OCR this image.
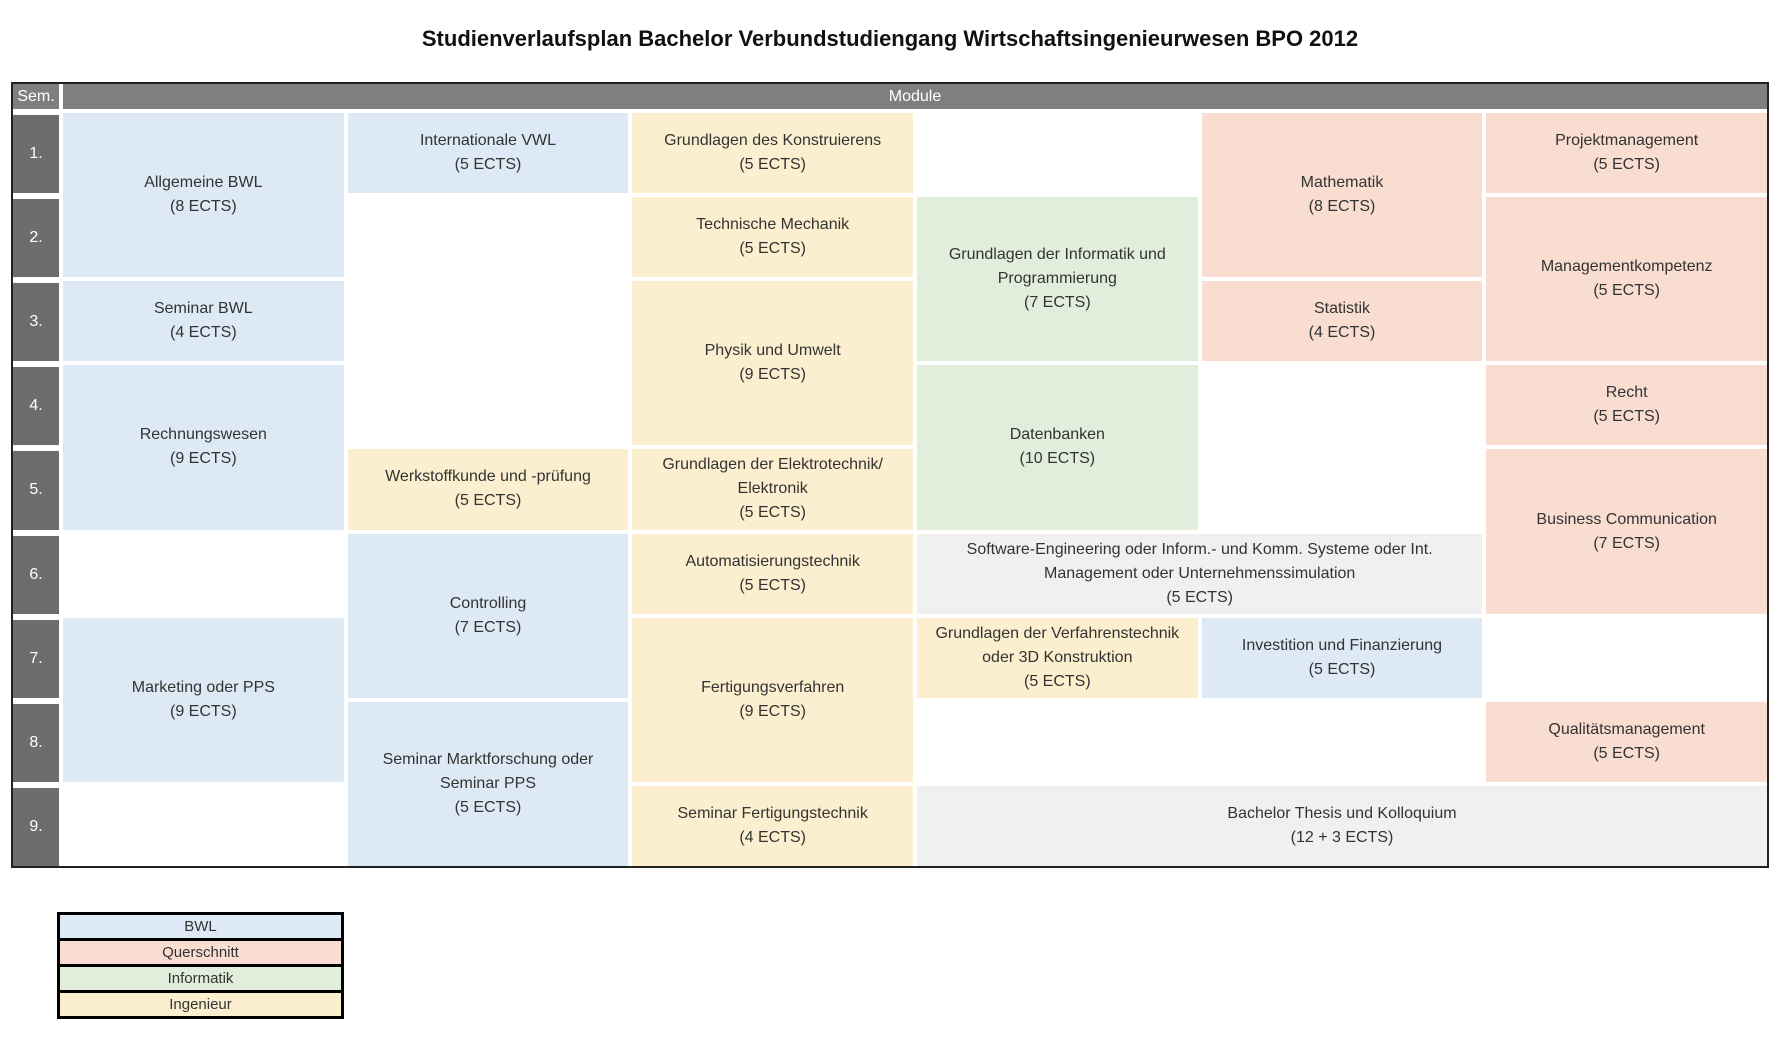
Studienverlaufsplan Bachelor Verbundstudiengang Wirtschaftsingenieurwesen BPO 2012
Sem.	Module
1.
2.
3.
4.
5.
6.
7.
8.
9.
Allgemeine BWL
(8 ECTS)
Seminar BWL
(4 ECTS)
Rechnungswesen
(9 ECTS)
Marketing oder PPS
(9 ECTS)
Internationale VWL
(5 ECTS)
Werkstoffkunde und -prüfung
(5 ECTS)
Controlling
(7 ECTS)
Seminar Marktforschung oder Seminar PPS
(5 ECTS)
Grundlagen des Konstruierens
(5 ECTS)
Technische Mechanik
(5 ECTS)
Physik und Umwelt
(9 ECTS)
Grundlagen der Elektrotechnik/ Elektronik
(5 ECTS)
Automatisierungstechnik
(5 ECTS)
Fertigungsverfahren
(9 ECTS)
Seminar Fertigungstechnik
(4 ECTS)
Grundlagen der Informatik und Programmierung
(7 ECTS)
Datenbanken
(10 ECTS)
Software-Engineering oder Inform.- und Komm. Systeme oder Int. Management oder Unternehmenssimulation
(5 ECTS)
Grundlagen der Verfahrenstechnik oder 3D Konstruktion
(5 ECTS)
Bachelor Thesis und Kolloquium
(12 + 3 ECTS)
Mathematik
(8 ECTS)
Statistik
(4 ECTS)
Investition und Finanzierung
(5 ECTS)
Projektmanagement
(5 ECTS)
Managementkompetenz
(5 ECTS)
Recht
(5 ECTS)
Business Communication
(7 ECTS)
Qualitätsmanagement
(5 ECTS)
BWL
Querschnitt
Informatik
Ingenieur
